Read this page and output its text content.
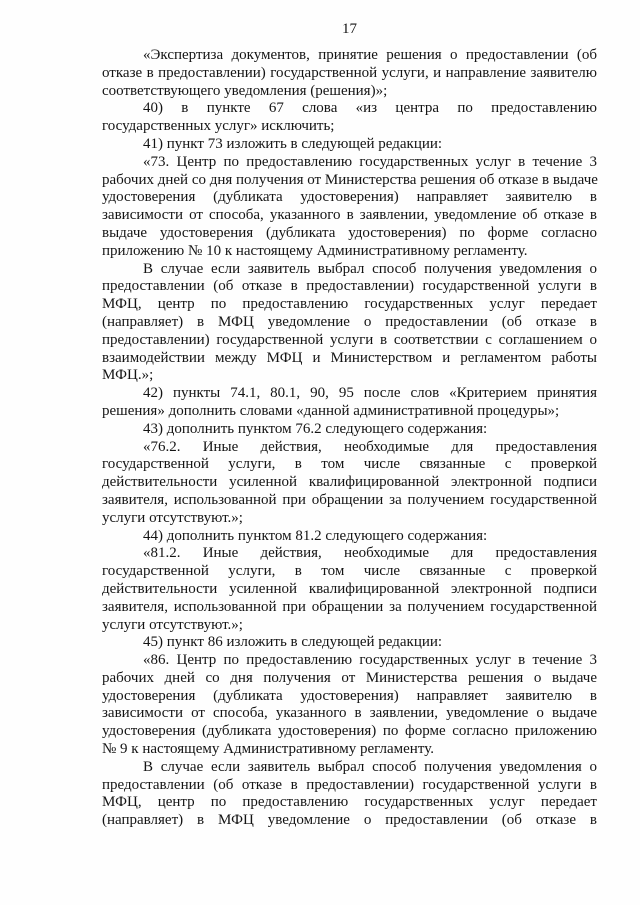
17
«Экспертиза документов, принятие решения о предоставлении (об
отказе в предоставлении) государственной услуги, и направление заявителю
соответствующего уведомления (решения)»;
40) в пункте 67 слова «из центра по предоставлению
государственных услуг» исключить;
41) пункт 73 изложить в следующей редакции:
«73. Центр по предоставлению государственных услуг в течение 3
рабочих дней со дня получения от Министерства решения об отказе в выдаче
удостоверения (дубликата удостоверения) направляет заявителю в
зависимости от способа, указанного в заявлении, уведомление об отказе в
выдаче удостоверения (дубликата удостоверения) по форме согласно
приложению № 10 к настоящему Административному регламенту.
В случае если заявитель выбрал способ получения уведомления о
предоставлении (об отказе в предоставлении) государственной услуги в
МФЦ, центр по предоставлению государственных услуг передает
(направляет) в МФЦ уведомление о предоставлении (об отказе в
предоставлении) государственной услуги в соответствии с соглашением о
взаимодействии между МФЦ и Министерством и регламентом работы
МФЦ.»;
42) пункты 74.1, 80.1, 90, 95 после слов «Критерием принятия
решения» дополнить словами «данной административной процедуры»;
43) дополнить пунктом 76.2 следующего содержания:
«76.2. Иные действия, необходимые для предоставления
государственной услуги, в том числе связанные с проверкой
действительности усиленной квалифицированной электронной подписи
заявителя, использованной при обращении за получением государственной
услуги отсутствуют.»;
44) дополнить пунктом 81.2 следующего содержания:
«81.2. Иные действия, необходимые для предоставления
государственной услуги, в том числе связанные с проверкой
действительности усиленной квалифицированной электронной подписи
заявителя, использованной при обращении за получением государственной
услуги отсутствуют.»;
45) пункт 86 изложить в следующей редакции:
«86. Центр по предоставлению государственных услуг в течение 3
рабочих дней со дня получения от Министерства решения о выдаче
удостоверения (дубликата удостоверения) направляет заявителю в
зависимости от способа, указанного в заявлении, уведомление о выдаче
удостоверения (дубликата удостоверения) по форме согласно приложению
№ 9 к настоящему Административному регламенту.
В случае если заявитель выбрал способ получения уведомления о
предоставлении (об отказе в предоставлении) государственной услуги в
МФЦ, центр по предоставлению государственных услуг передает
(направляет) в МФЦ уведомление о предоставлении (об отказе в
